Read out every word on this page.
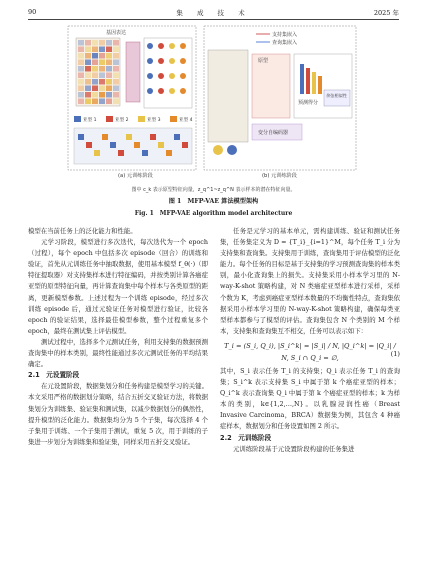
90	集 成 技 术	2025 年
基因表达
亚型 1	亚型 2	亚型 3	亚型 4
支持集嵌入
查询集嵌入
原型
预测得分
余弦相似性
变分自编码器
(a) 元训练阶段	(b) 元训练阶段
图中 c_k 表示原型特征向量，z_q^1~z_q^N 表示样本的潜在特征向量。
图 1　MFP-VAE 算法模型架构
Fig. 1　MFP-VAE algorithm model architecture

模型在当前任务上的泛化能力和性能。

元学习阶段，模型进行多次迭代，每次迭代为一个 epoch（过程），每个 epoch 中包括多次 episode（回合）的训练和验证，首先从元训练任务中抽取数据，使用基本模型 f_θ(·)（即特征提取器）对支持集样本进行特征编码，并按类别计算各癌症亚型的原型特征向量，再计算查询集中每个样本与各类原型的距离，更新模型参数。上述过程为一个训练 episode，经过多次训练 episode 后，通过元验证任务对模型进行验证，比较各 epoch 的验证结果，选择最佳模型参数，整个过程重复多个 epoch，最终在测试集上评估模型。

测试过程中，选择多个元测试任务，利用支持集的数据预测查询集中的样本类别，最终性能通过多次元测试任务的平均结果确定。

2.1　元设置阶段

在元设置阶段，数据集划分和任务构建是模型学习的关键。本文采用严格的数据划分策略，结合五折交叉验证方法，将数据集划分为训练集、验证集和测试集，以减少数据划分的偶然性，提升模型的泛化能力。数据集均分为 5 个子集，每次选择 4 个子集用于训练、一个子集用于测试，重复 5 次，用于训练的子集进一步划分为训练集和验证集，同样采用五折交叉验证。

任务是元学习的基本单元，需构建训练、验证和测试任务集，任务集定义为 D = {T_i}_{i=1}^M，每个任务 T_i 分为支持集和查询集。支持集用于训练，查询集用于评估模型的泛化能力。每个任务的目标是基于支持集的学习预测查询集的样本类别，最小化查询集上的损失。支持集采用小样本学习里的 N-way-K-shot 策略构建，对 N 类癌症亚型样本进行采样，采样个数为 K，考虑到癌症亚型样本数量的不均衡性特点，查询集依据采用小样本学习里的 N-way-K-shot 策略构建，确保每类亚型样本都参与了模型的评估。查询集包含 N 个类别的 M 个样本，支持集和查询集互不相交，任务可以表示如下：

T_i = (S_i, Q_i), |S_i^k| = |S_i| / N, |Q_i^k| = |Q_i| / N, S_i ∩ Q_i = ∅,	(1)

其中，S_i 表示任务 T_i 的支持集；Q_i 表示任务 T_i 的查询集；S_i^k 表示支持集 S_i 中属于第 k 个癌症亚型的样本；Q_i^k 表示查询集 Q_i 中属于第 k 个癌症亚型的样本；k 为样本的类别，k∈{1,2,…,N}。以乳腺浸润性癌（Breast Invasive Carcinoma，BRCA）数据集为例，其包含 4 种癌症样本，数据划分和任务设置如图 2 所示。

2.2　元训练阶段

元训练阶段基于元设置阶段构建的任务集进
